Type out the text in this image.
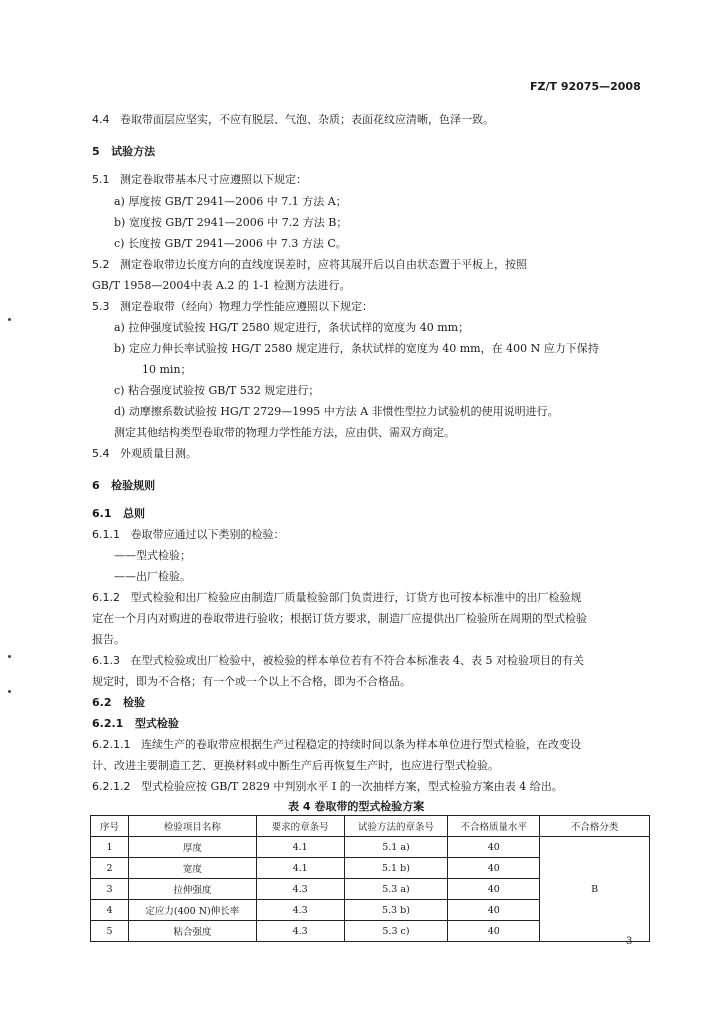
FZ/T 92075—2008
4.4 卷取带面层应坚实，不应有脱层、气泡、杂质；表面花纹应清晰，色泽一致。
5 试验方法
5.1 测定卷取带基本尺寸应遵照以下规定：
a) 厚度按 GB/T 2941—2006 中 7.1 方法 A；
b) 宽度按 GB/T 2941—2006 中 7.2 方法 B；
c) 长度按 GB/T 2941—2006 中 7.3 方法 C。
5.2 测定卷取带边长度方向的直线度误差时，应将其展开后以自由状态置于平板上，按照
GB/T 1958—2004中表 A.2 的 1-1 检测方法进行。
5.3 测定卷取带（经向）物理力学性能应遵照以下规定：
a) 拉伸强度试验按 HG/T 2580 规定进行，条状试样的宽度为 40 mm；
b) 定应力伸长率试验按 HG/T 2580 规定进行，条状试样的宽度为 40 mm，在 400 N 应力下保持
10 min；
c) 粘合强度试验按 GB/T 532 规定进行；
d) 动摩擦系数试验按 HG/T 2729—1995 中方法 A 非惯性型拉力试验机的使用说明进行。
测定其他结构类型卷取带的物理力学性能方法，应由供、需双方商定。
5.4 外观质量目测。
6 检验规则
6.1 总则
6.1.1 卷取带应通过以下类别的检验：
——型式检验；
——出厂检验。
6.1.2 型式检验和出厂检验应由制造厂质量检验部门负责进行，订货方也可按本标准中的出厂检验规
定在一个月内对购进的卷取带进行验收；根据订货方要求，制造厂应提供出厂检验所在周期的型式检验
报告。
6.1.3 在型式检验或出厂检验中，被检验的样本单位若有不符合本标准表 4、表 5 对检验项目的有关
规定时，即为不合格；有一个或一个以上不合格，即为不合格品。
6.2 检验
6.2.1 型式检验
6.2.1.1 连续生产的卷取带应根据生产过程稳定的持续时间以条为样本单位进行型式检验，在改变设
计、改进主要制造工艺、更换材料或中断生产后再恢复生产时，也应进行型式检验。
6.2.1.2 型式检验应按 GB/T 2829 中判别水平 Ⅰ 的一次抽样方案，型式检验方案由表 4 给出。
表 4 卷取带的型式检验方案
序号	检验项目名称	要求的章条号	试验方法的章条号	不合格质量水平	不合格分类
1	厚度	4.1	5.1 a)	40	B
2	宽度	4.1	5.1 b)	40	
3	拉伸强度	4.3	5.3 a)	40	
4	定应力(400 N)伸长率	4.3	5.3 b)	40	
5	粘合强度	4.3	5.3 c)	40	
3
